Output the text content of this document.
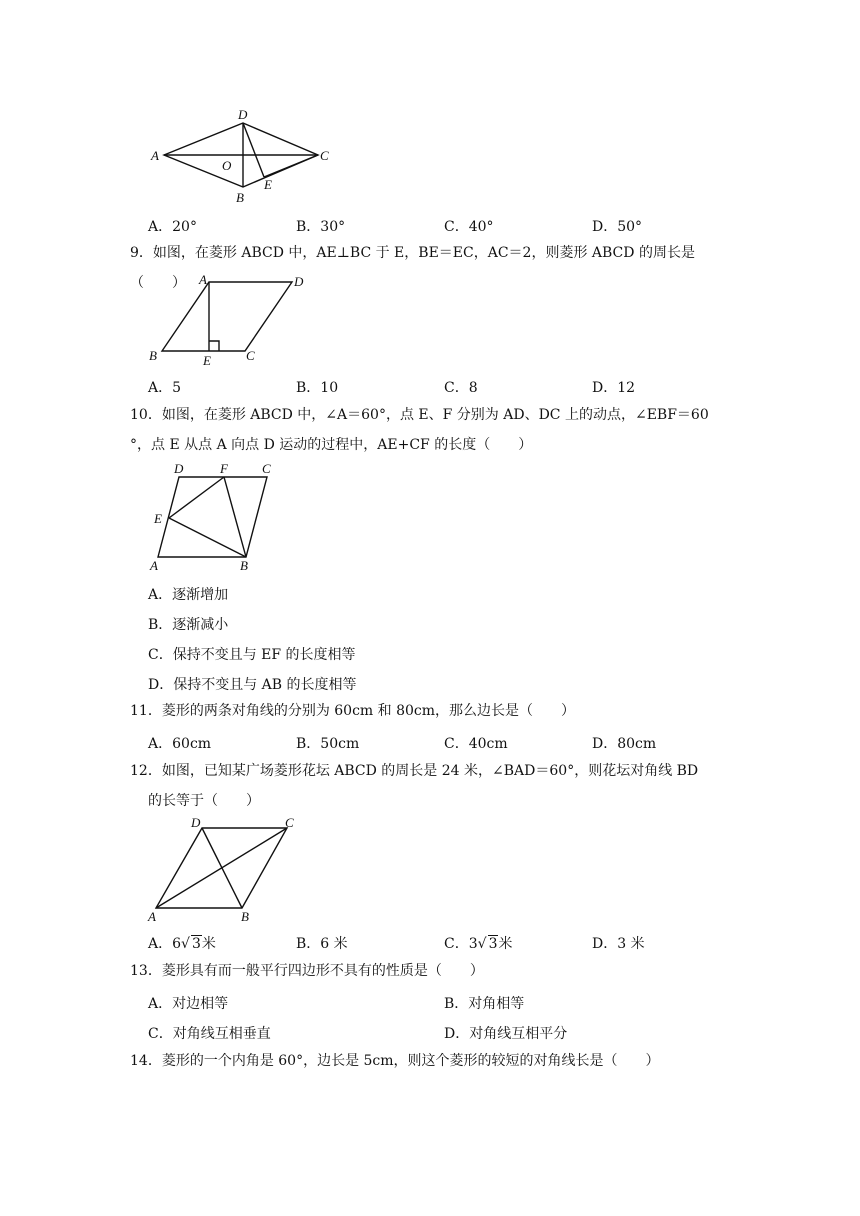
D
A	C
O
B
E
A．20°	B．30°	C．40°	D．50°
9．如图，在菱形 ABCD 中，AE⊥BC 于 E，BE＝EC，AC＝2，则菱形 ABCD 的周长是（　　）	A	D
B	E	C
A．5	B．10	C．8	D．12
10．如图，在菱形 ABCD 中，∠A＝60°，点 E、F 分别为 AD、DC 上的动点，∠EBF＝60
°，点 E 从点 A 向点 D 运动的过程中，AE+CF 的长度（　　）
D	F	C
E
A	B
A．逐渐增加
B．逐渐减小
C．保持不变且与 EF 的长度相等
D．保持不变且与 AB 的长度相等
11．菱形的两条对角线的分别为 60cm 和 80cm，那么边长是（　　）
A．60cm	B．50cm	C．40cm	D．80cm
12．如图，已知某广场菱形花坛 ABCD 的周长是 24 米，∠BAD＝60°，则花坛对角线 BD
的长等于（　　）
D	C
A	B
A．6√ 3米	B．6 米	C．3√ 3米	D．3 米
13．菱形具有而一般平行四边形不具有的性质是（　　）
A．对边相等	B．对角相等
C．对角线互相垂直	D．对角线互相平分
14．菱形的一个内角是 60°，边长是 5cm，则这个菱形的较短的对角线长是（　　）
